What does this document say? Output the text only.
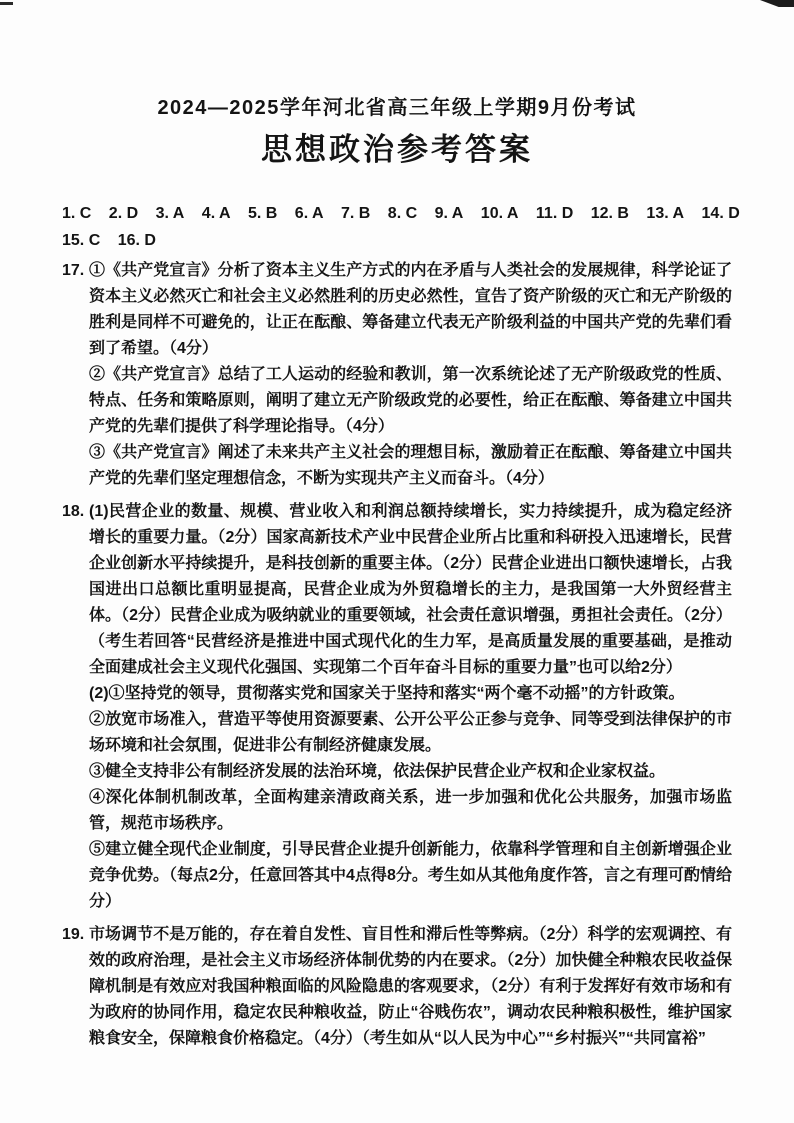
2024—2025学年河北省高三年级上学期9月份考试
思想政治参考答案
1. C 2. D 3. A 4. A 5. B 6. A 7. B 8. C 9. A 10. A 11. D 12. B 13. A 14. D
15. C 16. D
17. ①《共产党宣言》分析了资本主义生产方式的内在矛盾与人类社会的发展规律，科学论证了资本主义必然灭亡和社会主义必然胜利的历史必然性，宣告了资产阶级的灭亡和无产阶级的胜利是同样不可避免的，让正在酝酿、筹备建立代表无产阶级利益的中国共产党的先辈们看到了希望。（4分）

②《共产党宣言》总结了工人运动的经验和教训，第一次系统论述了无产阶级政党的性质、特点、任务和策略原则，阐明了建立无产阶级政党的必要性，给正在酝酿、筹备建立中国共产党的先辈们提供了科学理论指导。（4分）

③《共产党宣言》阐述了未来共产主义社会的理想目标，激励着正在酝酿、筹备建立中国共产党的先辈们坚定理想信念，不断为实现共产主义而奋斗。（4分）

18. (1)民营企业的数量、规模、营业收入和利润总额持续增长，实力持续提升，成为稳定经济增长的重要力量。（2分）国家高新技术产业中民营企业所占比重和科研投入迅速增长，民营企业创新水平持续提升，是科技创新的重要主体。（2分）民营企业进出口额快速增长，占我国进出口总额比重明显提高，民营企业成为外贸稳增长的主力，是我国第一大外贸经营主体。（2分）民营企业成为吸纳就业的重要领域，社会责任意识增强，勇担社会责任。（2分）（考生若回答“民营经济是推进中国式现代化的生力军，是高质量发展的重要基础，是推动全面建成社会主义现代化强国、实现第二个百年奋斗目标的重要力量”也可以给2分）

(2)①坚持党的领导，贯彻落实党和国家关于坚持和落实“两个毫不动摇”的方针政策。

②放宽市场准入，营造平等使用资源要素、公开公平公正参与竞争、同等受到法律保护的市场环境和社会氛围，促进非公有制经济健康发展。

③健全支持非公有制经济发展的法治环境，依法保护民营企业产权和企业家权益。

④深化体制机制改革，全面构建亲清政商关系，进一步加强和优化公共服务，加强市场监管，规范市场秩序。

⑤建立健全现代企业制度，引导民营企业提升创新能力，依靠科学管理和自主创新增强企业竞争优势。（每点2分，任意回答其中4点得8分。考生如从其他角度作答，言之有理可酌情给分）

19. 市场调节不是万能的，存在着自发性、盲目性和滞后性等弊病。（2分）科学的宏观调控、有效的政府治理，是社会主义市场经济体制优势的内在要求。（2分）加快健全种粮农民收益保障机制是有效应对我国种粮面临的风险隐患的客观要求，（2分）有利于发挥好有效市场和有为政府的协同作用，稳定农民种粮收益，防止“谷贱伤农”，调动农民种粮积极性，维护国家粮食安全，保障粮食价格稳定。（4分）（考生如从“以人民为中心”“乡村振兴”“共同富裕”
